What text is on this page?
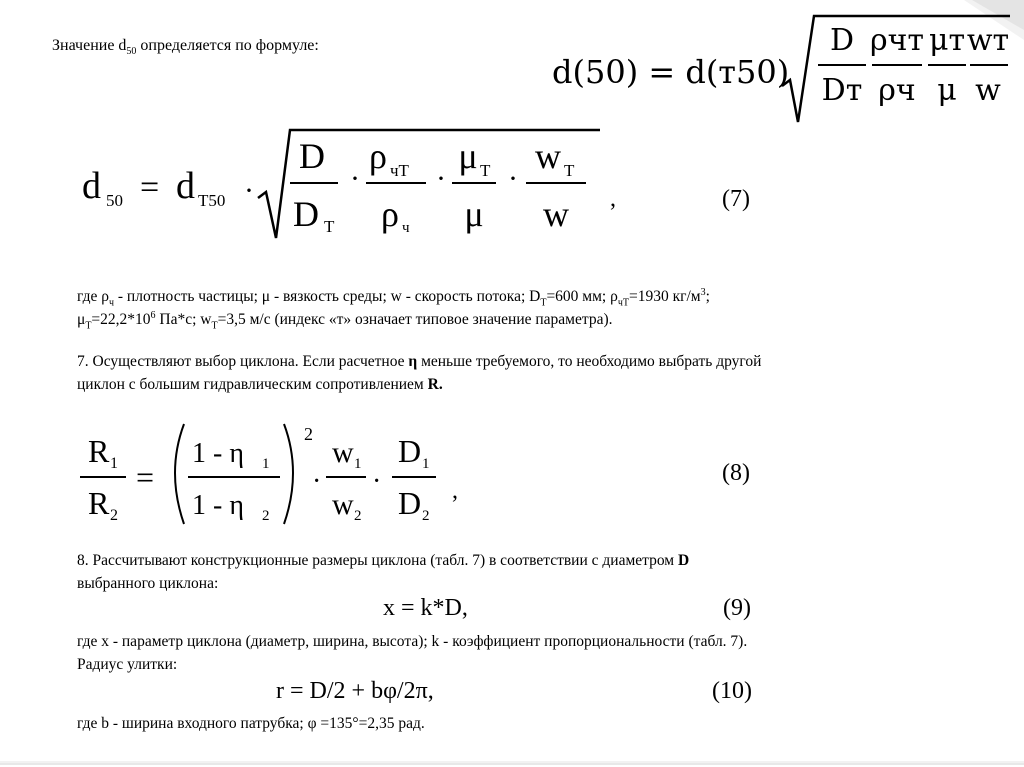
Значение $d_{50}$ определяется по формуле:
d(50) = d(т50)
D
Dт
ρчт
ρч
μт
μ
wт
w
d 50 = d Т50 ·
D
D Т
·
ρ чТ
ρ ч
·
μ Т
μ
·
w Т
w ,	(7)
где $\rho_ч$ - плотность частицы; μ - вязкость среды; w - скорость потока; $D_Т=600$ мм; $\rho_{чТ}=1930$ $кг/м^3$;
$\mu_Т=22,2*10^6$ Па*с; $w_Т=3,5$ м/с (индекс «т» означает типовое значение параметра).
7. Осуществляют выбор циклона. Если расчетное η меньше требуемого, то необходимо выбрать другой
циклон с большим гидравлическим сопротивлением R.
R 1
R 2
=
1 - η 1
1 - η 2
2
·
w 1
w 2
·
D 1
D 2
,
(8)
8. Рассчитывают конструкционные размеры циклона (табл. 7) в соответствии с диаметром D
выбранного циклона:
x = k*D,	(9)
где x - параметр циклона (диаметр, ширина, высота); k - коэффициент пропорциональности (табл. 7).
Радиус улитки:
r = D/2 + bφ/2π,	(10)
где b - ширина входного патрубка; φ =135°=2,35 рад.
